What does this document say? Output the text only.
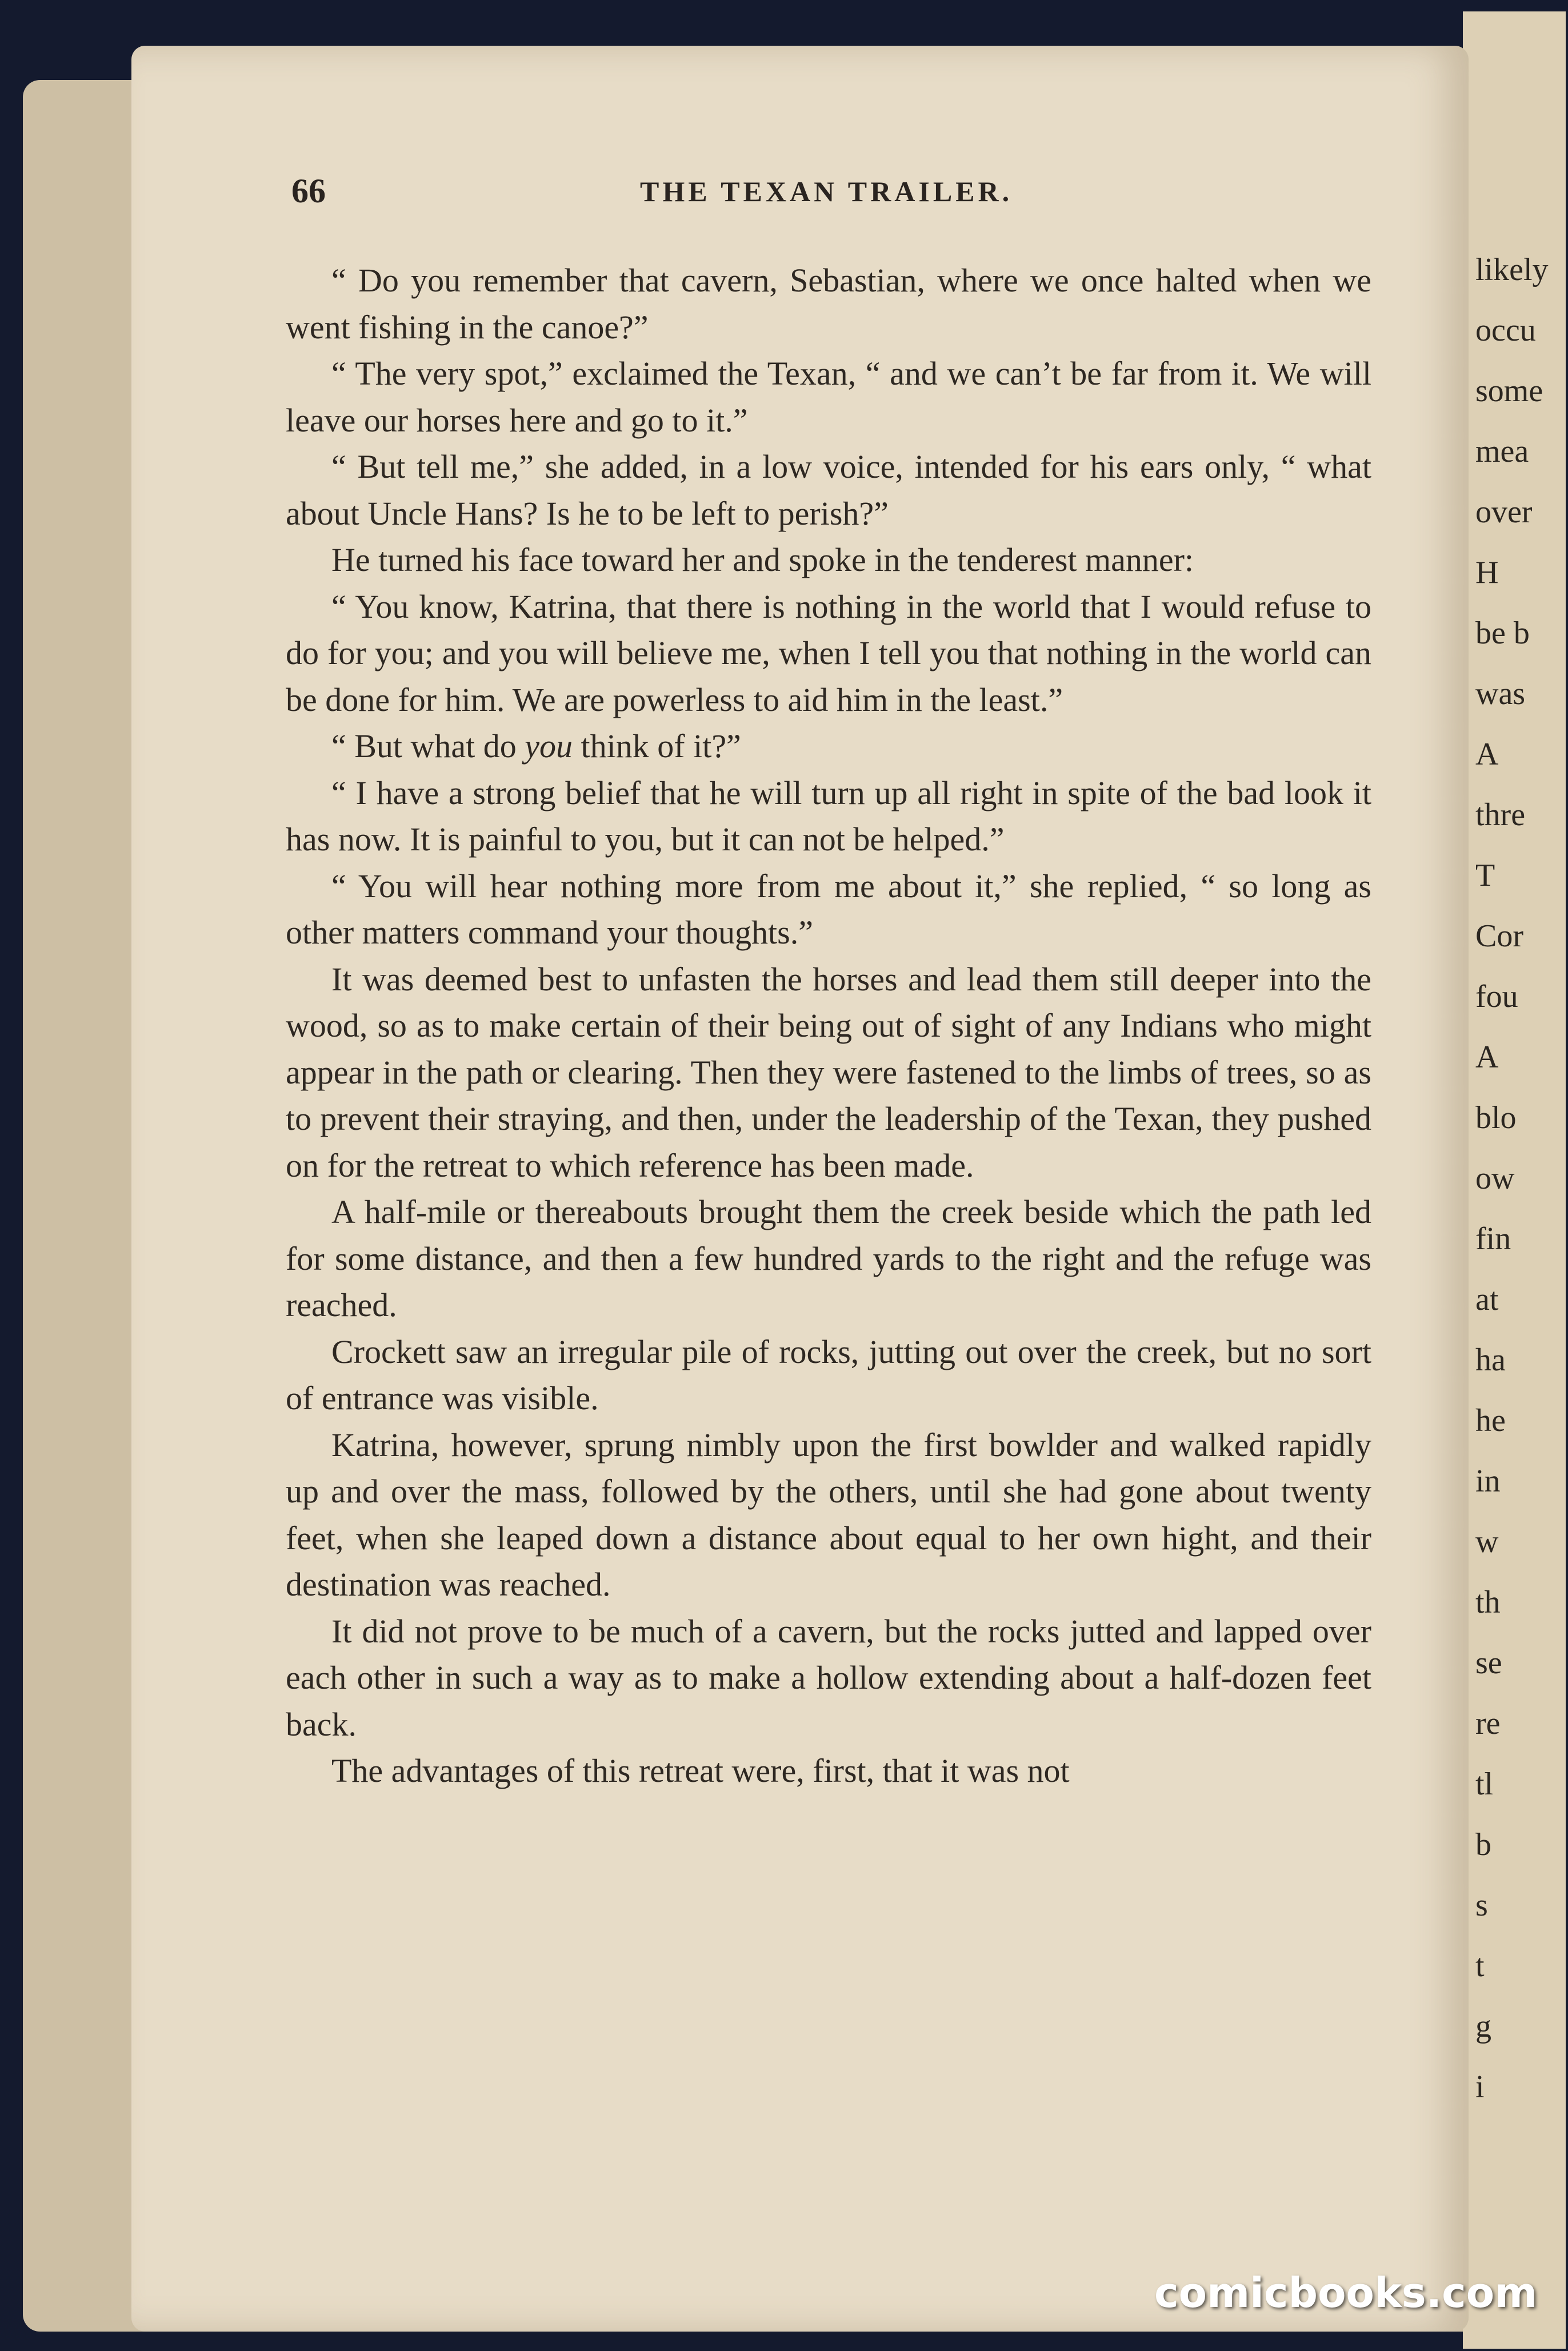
likely
occu
some
mea
over
H
be b
was
A
thre
T
Cor
fou
A
blo
ow
fin
at
ha
he
in
w
th
se
re
tl
b
s
t
g
i
66	THE TEXAN TRAILER.

“ Do you remember that cavern, Sebastian, where we once halted when we went fishing in the canoe?”

“ The very spot,” exclaimed the Texan, “ and we can’t be far from it. We will leave our horses here and go to it.”

“ But tell me,” she added, in a low voice, intended for his ears only, “ what about Uncle Hans? Is he to be left to perish?”

He turned his face toward her and spoke in the tenderest manner:

“ You know, Katrina, that there is nothing in the world that I would refuse to do for you; and you will believe me, when I tell you that nothing in the world can be done for him. We are powerless to aid him in the least.”

“ But what do you think of it?”

“ I have a strong belief that he will turn up all right in spite of the bad look it has now. It is painful to you, but it can not be helped.”

“ You will hear nothing more from me about it,” she replied, “ so long as other matters command your thoughts.”

It was deemed best to unfasten the horses and lead them still deeper into the wood, so as to make certain of their being out of sight of any Indians who might appear in the path or clearing. Then they were fastened to the limbs of trees, so as to prevent their straying, and then, under the leadership of the Texan, they pushed on for the retreat to which reference has been made.

A half-mile or thereabouts brought them the creek beside which the path led for some distance, and then a few hundred yards to the right and the refuge was reached.

Crockett saw an irregular pile of rocks, jutting out over the creek, but no sort of entrance was visible.

Katrina, however, sprung nimbly upon the first bowlder and walked rapidly up and over the mass, followed by the others, until she had gone about twenty feet, when she leaped down a distance about equal to her own hight, and their destination was reached.

It did not prove to be much of a cavern, but the rocks jutted and lapped over each other in such a way as to make a hollow extending about a half-dozen feet back.

The advantages of this retreat were, first, that it was not

comicbooks.com
